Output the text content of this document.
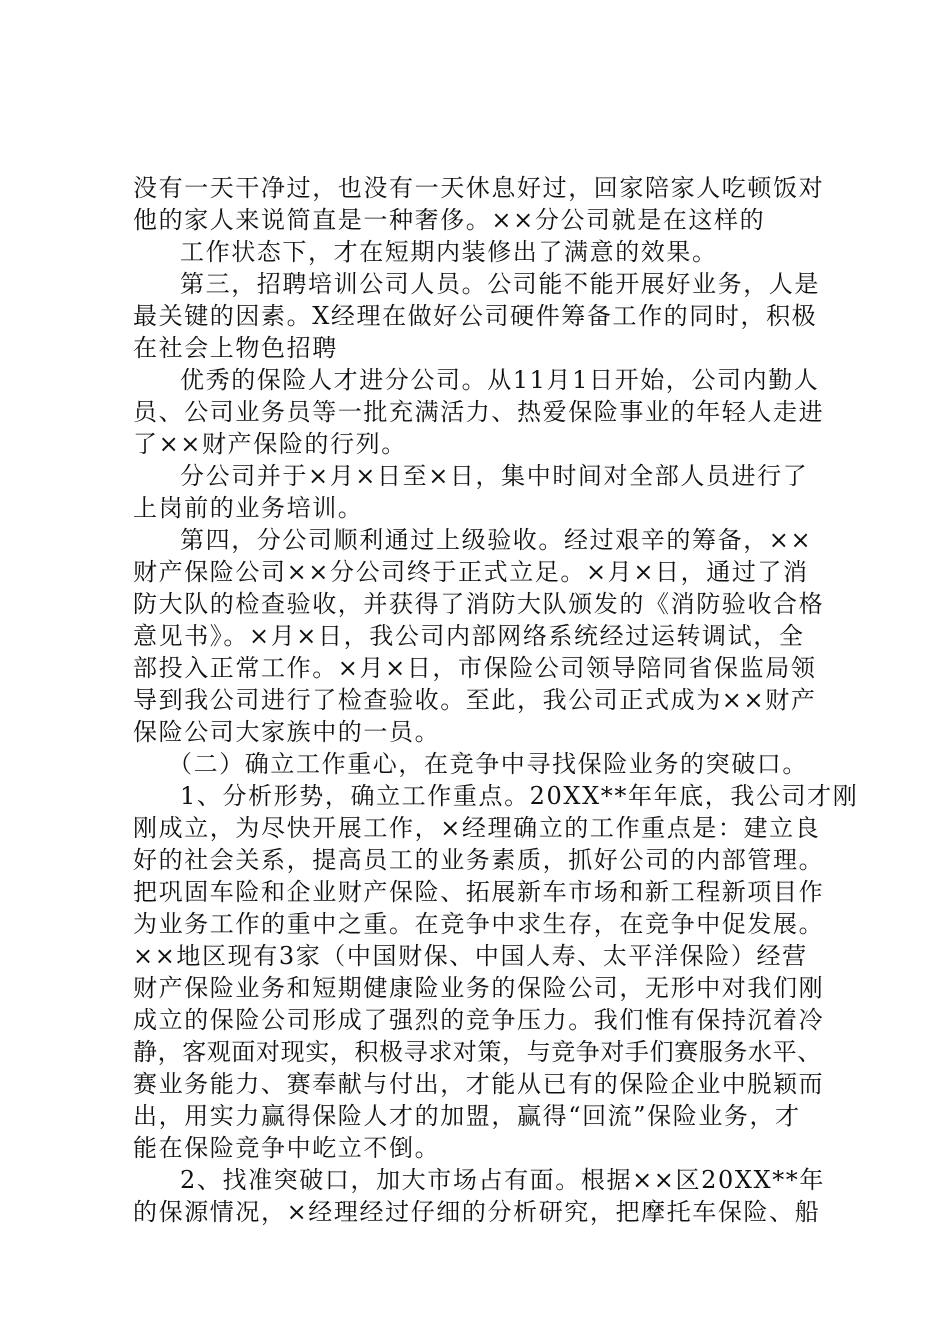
没有一天干净过，也没有一天休息好过，回家陪家人吃顿饭对
他的家人来说简直是一种奢侈。××分公司就是在这样的
工作状态下，才在短期内装修出了满意的效果。
第三，招聘培训公司人员。公司能不能开展好业务，人是
最关键的因素。X经理在做好公司硬件筹备工作的同时，积极
在社会上物色招聘
优秀的保险人才进分公司。从11月1日开始，公司内勤人
员、公司业务员等一批充满活力、热爱保险事业的年轻人走进
了××财产保险的行列。
分公司并于×月×日至×日，集中时间对全部人员进行了
上岗前的业务培训。
第四，分公司顺利通过上级验收。经过艰辛的筹备，××
财产保险公司××分公司终于正式立足。×月×日，通过了消
防大队的检查验收，并获得了消防大队颁发的《消防验收合格
意见书》。×月×日，我公司内部网络系统经过运转调试，全
部投入正常工作。×月×日，市保险公司领导陪同省保监局领
导到我公司进行了检查验收。至此，我公司正式成为××财产
保险公司大家族中的一员。
（二）确立工作重心，在竞争中寻找保险业务的突破口。
1、分析形势，确立工作重点。20XX**年年底，我公司才刚
刚成立，为尽快开展工作，×经理确立的工作重点是：建立良
好的社会关系，提高员工的业务素质，抓好公司的内部管理。
把巩固车险和企业财产保险、拓展新车市场和新工程新项目作
为业务工作的重中之重。在竞争中求生存，在竞争中促发展。
××地区现有3家（中国财保、中国人寿、太平洋保险）经营
财产保险业务和短期健康险业务的保险公司，无形中对我们刚
成立的保险公司形成了强烈的竞争压力。我们惟有保持沉着冷
静，客观面对现实，积极寻求对策，与竞争对手们赛服务水平、
赛业务能力、赛奉献与付出，才能从已有的保险企业中脱颖而
出，用实力赢得保险人才的加盟，赢得“回流”保险业务，才
能在保险竞争中屹立不倒。
2、找准突破口，加大市场占有面。根据××区20XX**年
的保源情况，×经理经过仔细的分析研究，把摩托车保险、船
